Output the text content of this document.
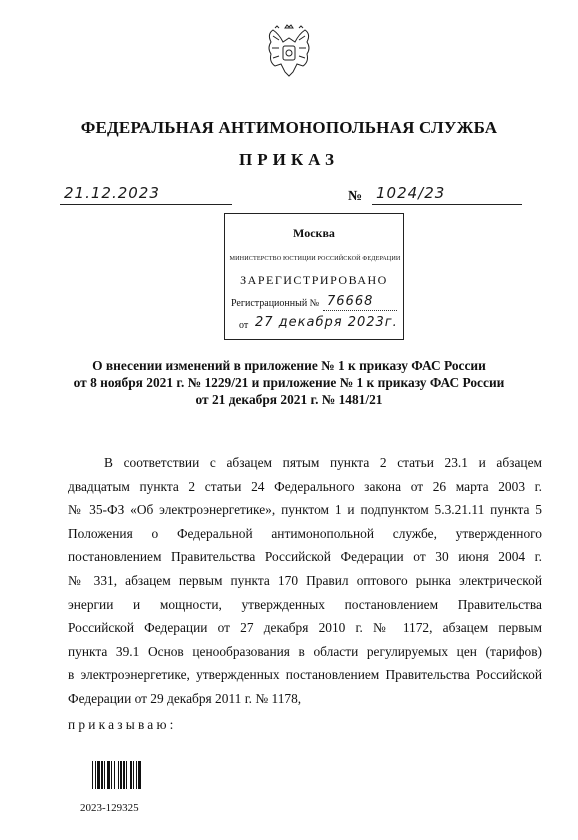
ФЕДЕРАЛЬНАЯ АНТИМОНОПОЛЬНАЯ СЛУЖБА
ПРИКАЗ
21.12.2023	№ 1024/23
Москва
МИНИСТЕРСТВО ЮСТИЦИИ РОССИЙСКОЙ ФЕДЕРАЦИИ
ЗАРЕГИСТРИРОВАНО
Регистрационный № 76668
от 27 декабря 2023г.
О внесении изменений в приложение № 1 к приказу ФАС России
от 8 ноября 2021 г. № 1229/21 и приложение № 1 к приказу ФАС России
от 21 декабря 2021 г. № 1481/21
В соответствии с абзацем пятым пункта 2 статьи 23.1 и абзацем
двадцатым пункта 2 статьи 24 Федерального закона от 26 марта 2003 г.
№ 35-ФЗ «Об электроэнергетике», пунктом 1 и подпунктом 5.3.21.11 пункта 5
Положения о Федеральной антимонопольной службе, утвержденного
постановлением Правительства Российской Федерации от 30 июня 2004 г.
№ 331, абзацем первым пункта 170 Правил оптового рынка электрической
энергии и мощности, утвержденных постановлением Правительства
Российской Федерации от 27 декабря 2010 г. № 1172, абзацем первым
пункта 39.1 Основ ценообразования в области регулируемых цен (тарифов)
в электроэнергетике, утвержденных постановлением Правительства Российской
Федерации от 29 декабря 2011 г. № 1178,
приказываю:
2023-129325
